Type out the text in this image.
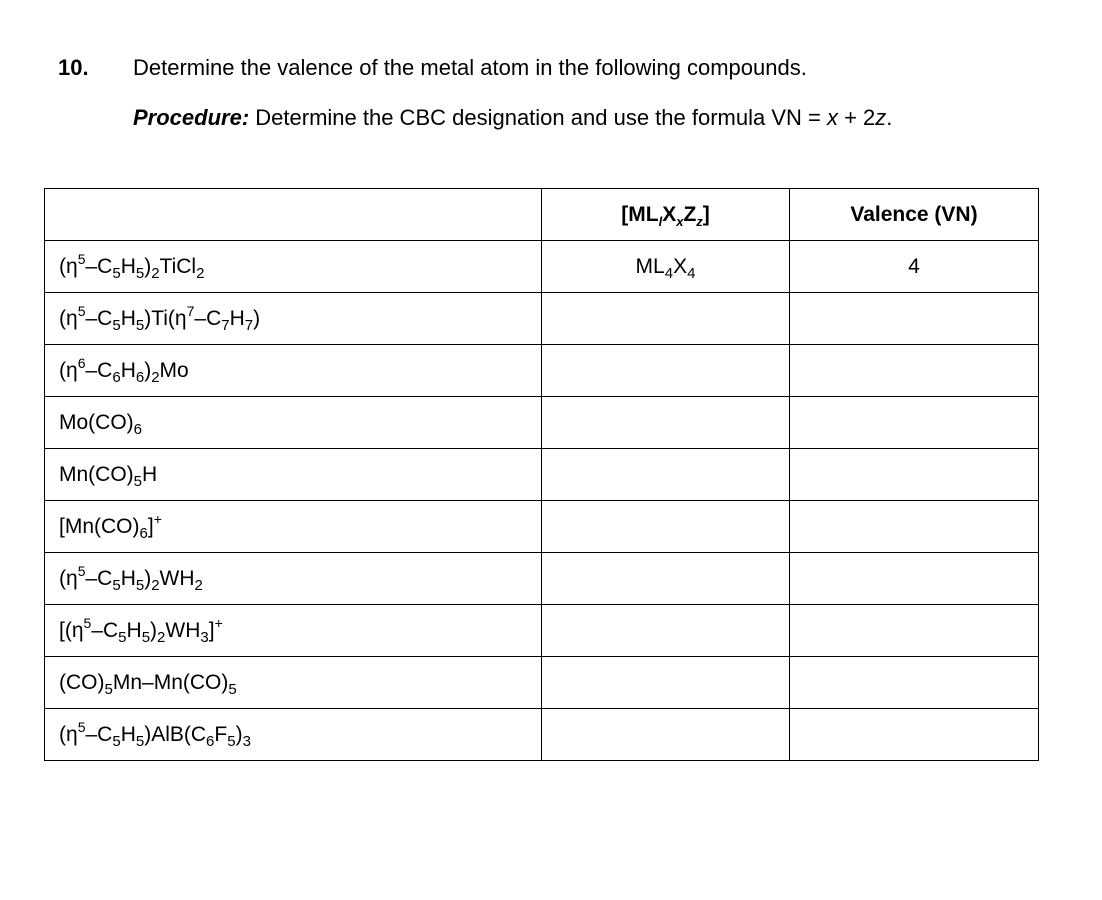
10. Determine the valence of the metal atom in the following compounds.
Procedure: Determine the CBC designation and use the formula VN = x + 2z.
	$[ML_lX_xZ_z]$	Valence (VN)
$(\eta^5-C_5H_5)_2TiCl_2$	$ML_4X_4$	4
$(\eta^5-C_5H_5)Ti(\eta^7-C_7H_7)$		
$(\eta^6-C_6H_6)_2Mo$		
$Mo(CO)_6$		
$Mn(CO)_5H$		
$[Mn(CO)_6]^+$		
$(\eta^5-C_5H_5)_2WH_2$		
$[(\eta^5-C_5H_5)_2WH_3]^+$		
$(CO)_5Mn-Mn(CO)_5$		
$(\eta^5-C_5H_5)AlB(C_6F_5)_3$		
